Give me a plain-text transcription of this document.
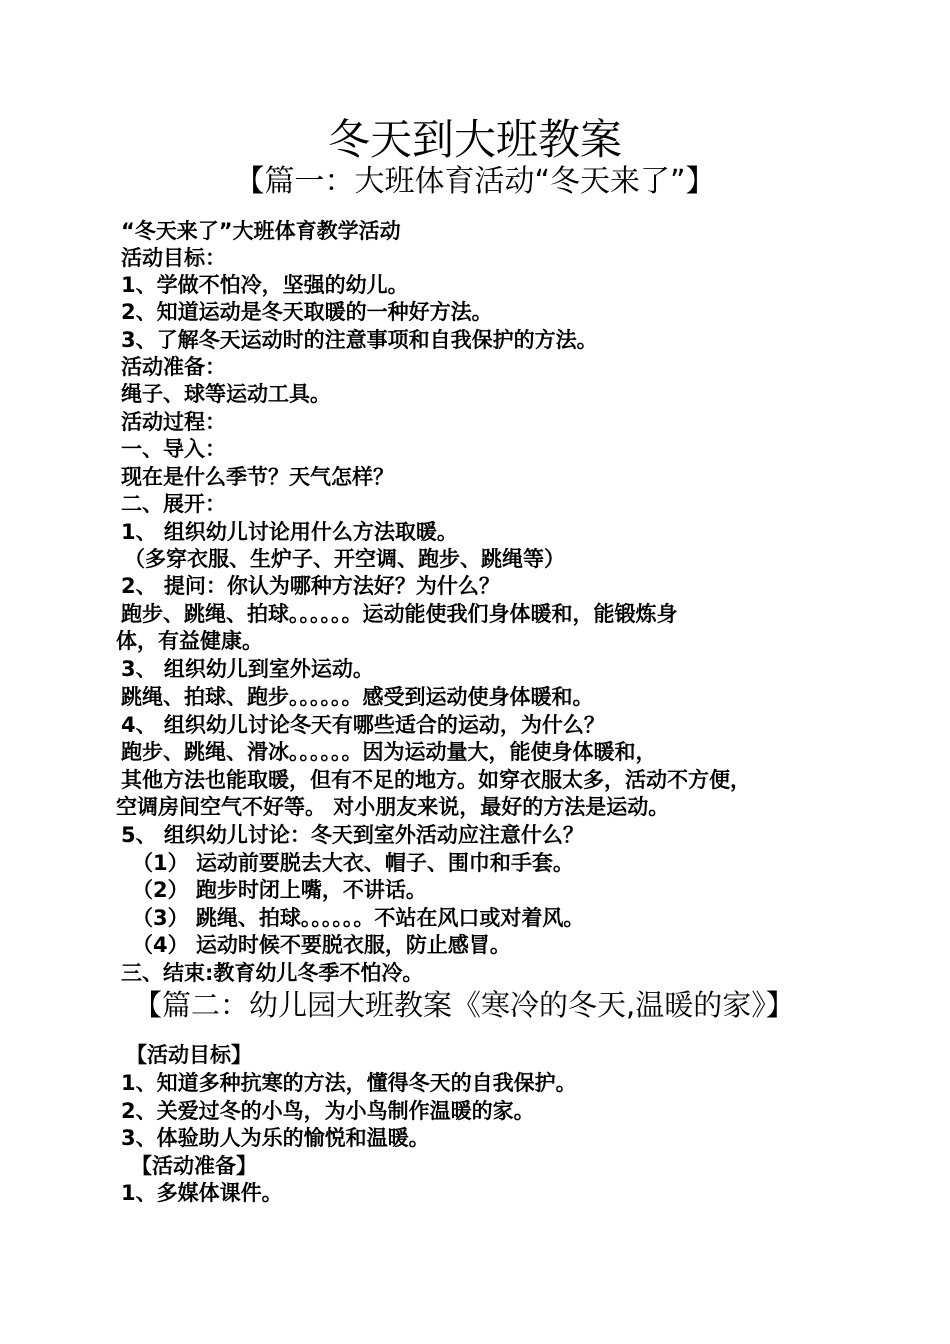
冬天到大班教案
【篇一：大班体育活动“冬天来了”】
“冬天来了”大班体育教学活动
活动目标：
1、学做不怕冷，坚强的幼儿。
2、知道运动是冬天取暖的一种好方法。
3、了解冬天运动时的注意事项和自我保护的方法。
活动准备：
绳子、球等运动工具。
活动过程：
一、导入：
现在是什么季节？天气怎样？
二、展开：
1、 组织幼儿讨论用什么方法取暖。
（多穿衣服、生炉子、开空调、跑步、跳绳等）
2、 提问：你认为哪种方法好？为什么？
跑步、跳绳、拍球。。。。。。运动能使我们身体暖和，能锻炼身
体，有益健康。
3、 组织幼儿到室外运动。
跳绳、拍球、跑步。。。。。。感受到运动使身体暖和。
4、 组织幼儿讨论冬天有哪些适合的运动，为什么？
跑步、跳绳、滑冰。。。。。。因为运动量大，能使身体暖和，
其他方法也能取暖，但有不足的地方。如穿衣服太多，活动不方便，
空调房间空气不好等。 对小朋友来说，最好的方法是运动。
5、 组织幼儿讨论：冬天到室外活动应注意什么？
（1） 运动前要脱去大衣、帽子、围巾和手套。
（2） 跑步时闭上嘴，不讲话。
（3） 跳绳、拍球。。。。。。不站在风口或对着风。
（4） 运动时候不要脱衣服，防止感冒。
三、结束:教育幼儿冬季不怕冷。
【篇二：幼儿园大班教案《寒冷的冬天,温暖的家》】
【活动目标】
1、知道多种抗寒的方法，懂得冬天的自我保护。
2、关爱过冬的小鸟，为小鸟制作温暖的家。
3、体验助人为乐的愉悦和温暖。
【活动准备】
1、多媒体课件。
